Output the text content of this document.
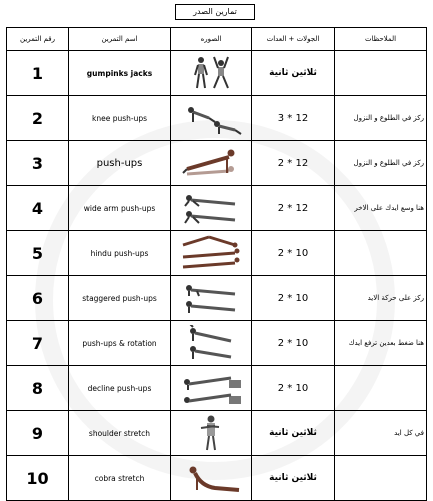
تمارين الصدر
رقم التمرين	اسم التمرين	الصوره	الجولات + العدات	الملاحظات
1	gumpinks jacks		ثلاثين ثانية	
2	knee push-ups		3 * 12	ركز في الطلوع و النزول
3	push-ups		2 * 12	ركز في الطلوع و النزول
4	wide arm push-ups		2 * 12	هنا وسع ايدك على الاخر
5	hindu push-ups		2 * 10	
6	staggered push-ups		2 * 10	ركز على حركة الايد
7	push-ups & rotation		2 * 10	هنا ضغط بعدين ترفع ايدك
8	decline push-ups		2 * 10	
9	shoulder stretch		ثلاثين ثانية	في كل ايد
10	cobra stretch		ثلاثين ثانية	
